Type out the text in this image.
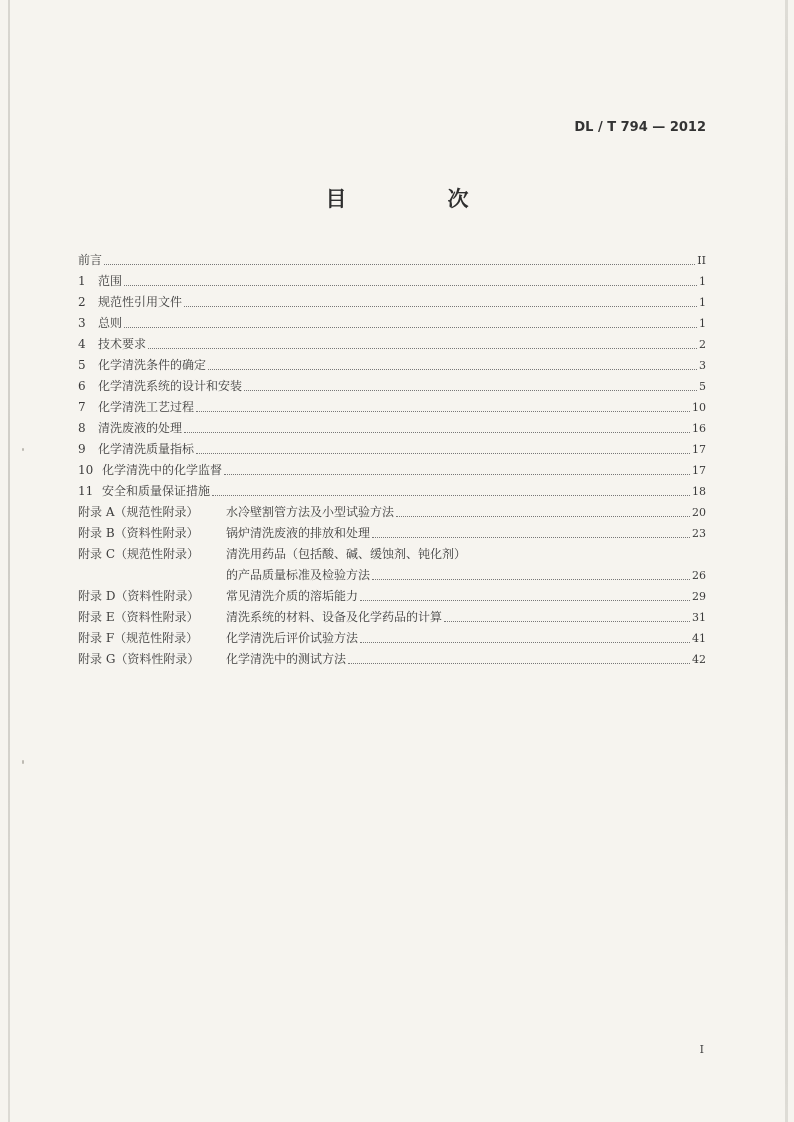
DL / T 794 — 2012
目　次
前言	II
1 范围	1
2 规范性引用文件	1
3 总则	1
4 技术要求	2
5 化学清洗条件的确定	3
6 化学清洗系统的设计和安装	5
7 化学清洗工艺过程	10
8 清洗废液的处理	16
9 化学清洗质量指标	17
10 化学清洗中的化学监督	17
11 安全和质量保证措施	18
附录 A（规范性附录） 水冷壁割管方法及小型试验方法	20
附录 B（资料性附录） 锅炉清洗废液的排放和处理	23
附录 C（规范性附录） 清洗用药品（包括酸、碱、缓蚀剂、钝化剂）
的产品质量标准及检验方法	26
附录 D（资料性附录） 常见清洗介质的溶垢能力	29
附录 E（资料性附录） 清洗系统的材料、设备及化学药品的计算	31
附录 F（规范性附录） 化学清洗后评价试验方法	41
附录 G（资料性附录） 化学清洗中的测试方法	42
I
